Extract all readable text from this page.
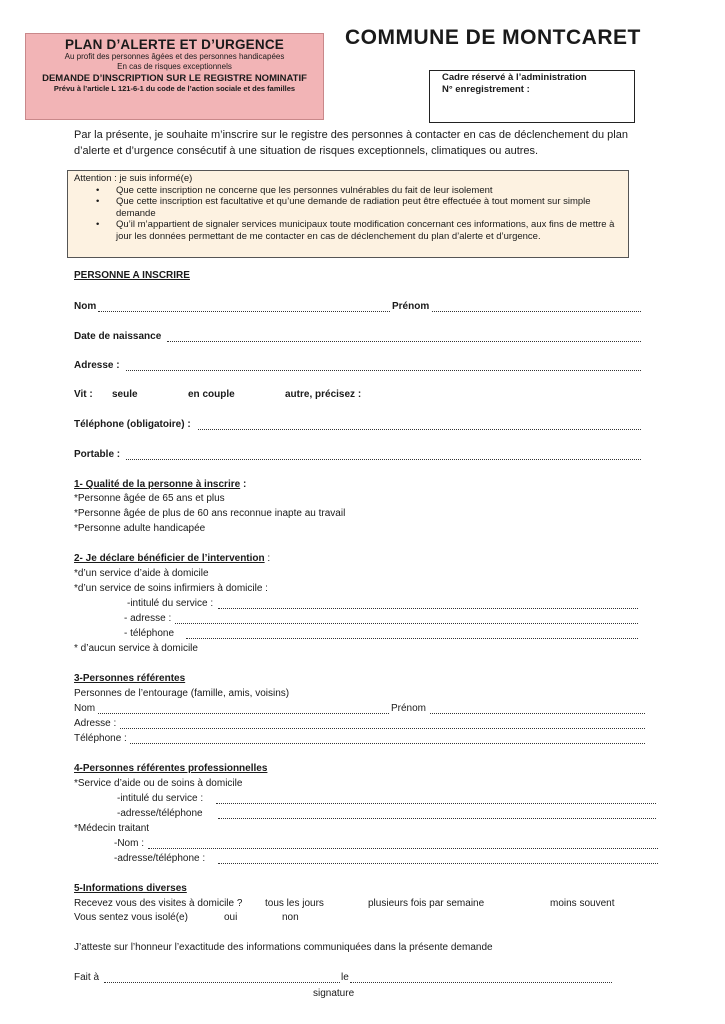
PLAN D’ALERTE ET D’URGENCE
Au profit des personnes âgées et des personnes handicapées
En cas de risques exceptionnels
DEMANDE D’INSCRIPTION SUR LE REGISTRE NOMINATIF
Prévu à l’article L 121-6-1 du code de l’action sociale et des familles
COMMUNE DE MONTCARET
Cadre réservé à l’administration
N° enregistrement :
Par la présente, je souhaite m’inscrire sur le registre des personnes à contacter en cas de déclenchement du plan d’alerte et d’urgence consécutif à une situation de risques exceptionnels, climatiques ou autres.
Attention : je suis informé(e)
• Que cette inscription ne concerne que les personnes vulnérables du fait de leur isolement
• Que cette inscription est facultative et qu’une demande de radiation peut être effectuée à tout moment sur simple demande
• Qu’il m’appartient de signaler services municipaux toute modification concernant ces informations, aux fins de mettre à jour les données permettant de me contacter en cas de déclenchement du plan d’alerte et d’urgence.
PERSONNE A INSCRIRE
Nom	Prénom
Date de naissance
Adresse :
Vit : seule	en couple	autre, précisez :
Téléphone (obligatoire) :
Portable :
1- Qualité de la personne à inscrire :
*Personne âgée de 65 ans et plus
*Personne âgée de plus de 60 ans reconnue inapte au travail
*Personne adulte handicapée
2- Je déclare bénéficier de l’intervention :
*d’un service d’aide à domicile
*d’un service de soins infirmiers à domicile :
-intitulé du service :
- adresse :
- téléphone
* d’aucun service à domicile
3-Personnes référentes
Personnes de l’entourage (famille, amis, voisins)
Nom	Prénom
Adresse :
Téléphone :
4-Personnes référentes professionnelles
*Service d’aide ou de soins à domicile
-intitulé du service :
-adresse/téléphone
*Médecin traitant
-Nom :
-adresse/téléphone :
5-Informations diverses
Recevez vous des visites à domicile ? tous les jours	plusieurs fois par semaine	moins souvent
Vous sentez vous isolé(e)	oui	non
J’atteste sur l’honneur l’exactitude des informations communiquées dans la présente demande
Fait à	le
signature
